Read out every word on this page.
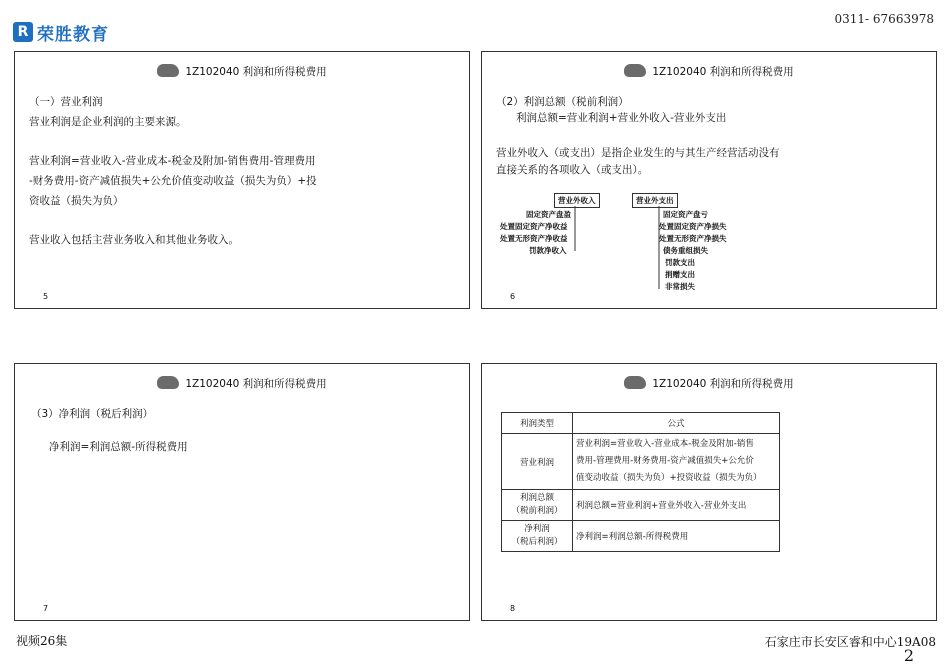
R 荣胜教育
0311- 67663978
1Z102040 利润和所得税费用
（一）营业利润
营业利润是企业利润的主要来源。
营业利润=营业收入-营业成本-税金及附加-销售费用-管理费用
-财务费用-资产减值损失+公允价值变动收益（损失为负）+投
资收益（损失为负）
营业收入包括主营业务收入和其他业务收入。
5
1Z102040 利润和所得税费用
（2）利润总额（税前利润）
利润总额=营业利润+营业外收入-营业外支出
营业外收入（或支出）是指企业发生的与其生产经营活动没有
直接关系的各项收入（或支出）。
营业外收入
固定资产盘盈
处置固定资产净收益
处置无形资产净收益
罚款净收入
营业外支出
固定资产盘亏
处置固定资产净损失
处置无形资产净损失
债务重组损失
罚款支出
捐赠支出
非常损失
6
1Z102040 利润和所得税费用
（3）净利润（税后利润）
净利润=利润总额-所得税费用
7
1Z102040 利润和所得税费用
利润类型	公式
营业利润	营业利润=营业收入-营业成本-税金及附加-销售
费用-管理费用-财务费用-资产减值损失+公允价
值变动收益（损失为负）+投资收益（损失为负）

利润总额
（税前利润）	利润总额=营业利润+营业外收入-营业外支出

净利润
（税后利润）	净利润=利润总额-所得税费用
8
视频26集	石家庄市长安区睿和中心19A08
2
